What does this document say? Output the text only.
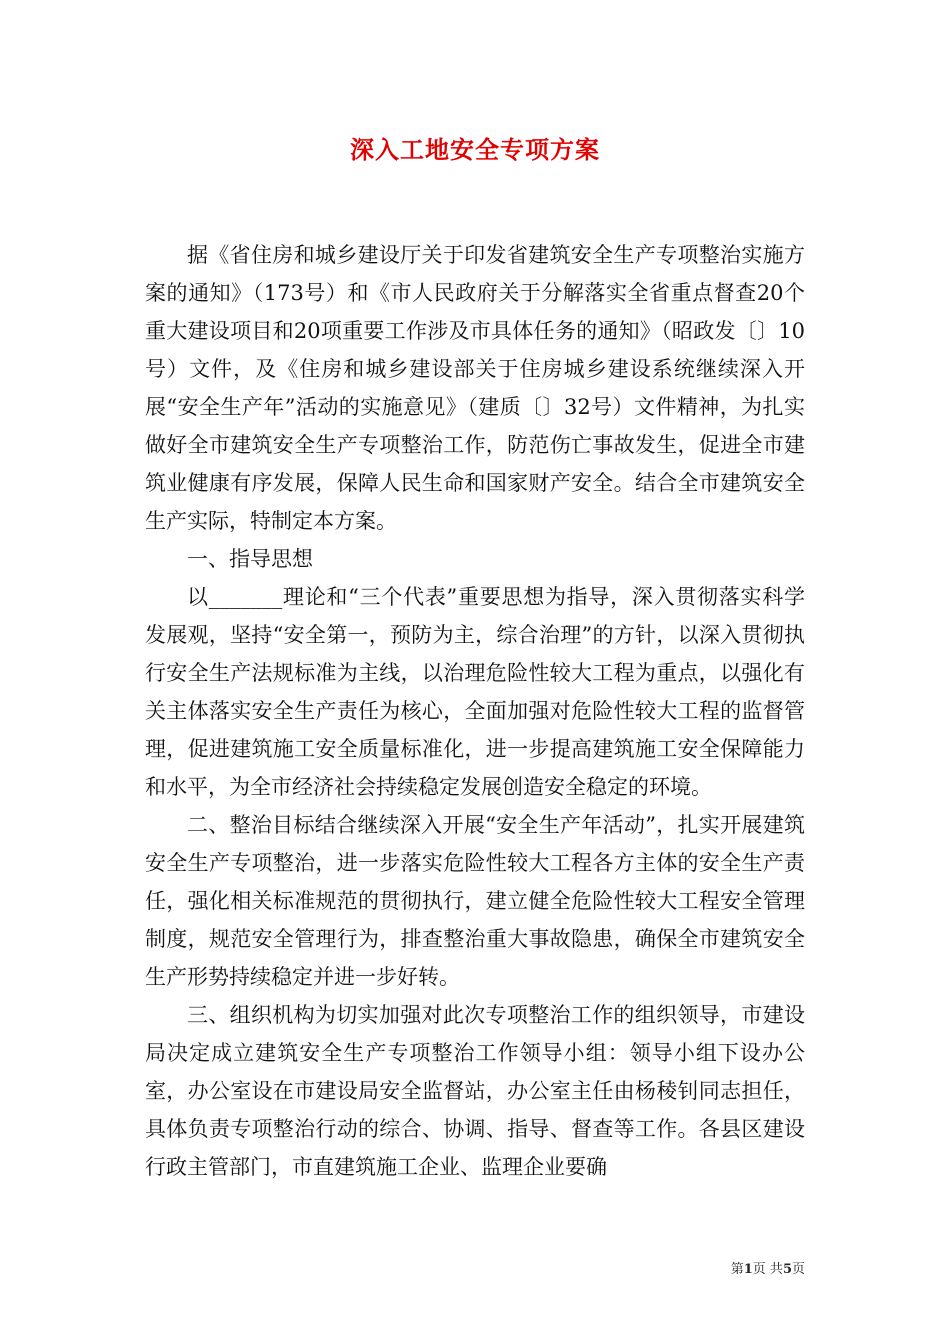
深入工地安全专项方案

据《省住房和城乡建设厅关于印发省建筑安全生产专项整治实施方案的通知》（173号）和《市人民政府关于分解落实全省重点督查20个重大建设项目和20项重要工作涉及市具体任务的通知》（昭政发〔〕10号）文件，及《住房和城乡建设部关于住房城乡建设系统继续深入开展“安全生产年”活动的实施意见》（建质〔〕32号）文件精神，为扎实做好全市建筑安全生产专项整治工作，防范伤亡事故发生，促进全市建筑业健康有序发展，保障人民生命和国家财产安全。结合全市建筑安全生产实际，特制定本方案。

一、指导思想

以_______理论和“三个代表”重要思想为指导，深入贯彻落实科学发展观，坚持“安全第一，预防为主，综合治理”的方针，以深入贯彻执行安全生产法规标准为主线，以治理危险性较大工程为重点，以强化有关主体落实安全生产责任为核心，全面加强对危险性较大工程的监督管理，促进建筑施工安全质量标准化，进一步提高建筑施工安全保障能力和水平，为全市经济社会持续稳定发展创造安全稳定的环境。

二、整治目标结合继续深入开展“安全生产年活动”，扎实开展建筑安全生产专项整治，进一步落实危险性较大工程各方主体的安全生产责任，强化相关标准规范的贯彻执行，建立健全危险性较大工程安全管理制度，规范安全管理行为，排查整治重大事故隐患，确保全市建筑安全生产形势持续稳定并进一步好转。

三、组织机构为切实加强对此次专项整治工作的组织领导，市建设局决定成立建筑安全生产专项整治工作领导小组：领导小组下设办公室，办公室设在市建设局安全监督站，办公室主任由杨稜钊同志担任，具体负责专项整治行动的综合、协调、指导、督查等工作。各县区建设行政主管部门，市直建筑施工企业、监理企业要确

第1页 共5页
